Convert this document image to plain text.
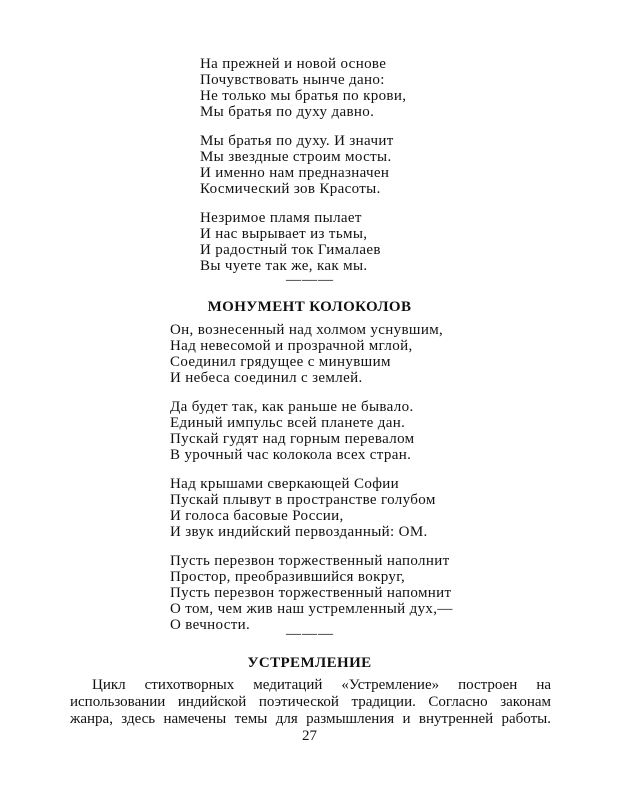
На прежней и новой основе
Почувствовать нынче дано:
Не только мы братья по крови,
Мы братья по духу давно.
Мы братья по духу. И значит
Мы звездные строим мосты.
И именно нам предназначен
Космический зов Красоты.
Незримое пламя пылает
И нас вырывает из тьмы,
И радостный ток Гималаев
Вы чуете так же, как мы.
———
МОНУМЕНТ КОЛОКОЛОВ
Он, вознесенный над холмом уснувшим,
Над невесомой и прозрачной мглой,
Соединил грядущее с минувшим
И небеса соединил с землей.
Да будет так, как раньше не бывало.
Единый импульс всей планете дан.
Пускай гудят над горным перевалом
В урочный час колокола всех стран.
Над крышами сверкающей Софии
Пускай плывут в пространстве голубом
И голоса басовые России,
И звук индийский первозданный: ОМ.
Пусть перезвон торжественный наполнит
Простор, преобразившийся вокруг,
Пусть перезвон торжественный напомнит
О том, чем жив наш устремленный дух,—
О вечности.
———
УСТРЕМЛЕНИЕ
Цикл стихотворных медитаций «Устремление» построен на
использовании индийской поэтической традиции. Согласно законам
жанра, здесь намечены темы для размышления и внутренней работы.
27
